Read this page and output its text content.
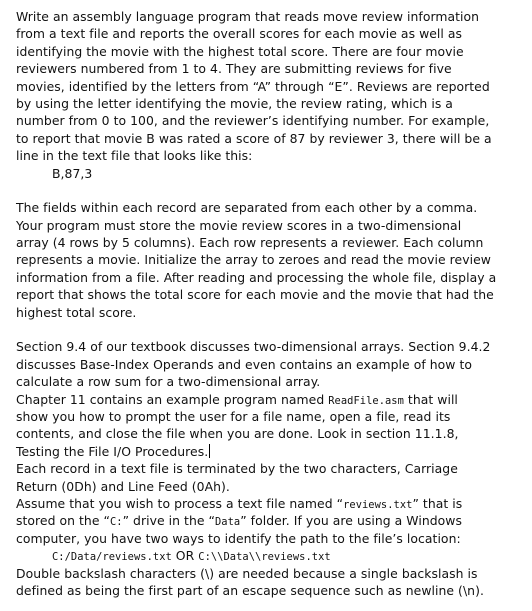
Write an assembly language program that reads move review information
from a text file and reports the overall scores for each movie as well as
identifying the movie with the highest total score. There are four movie
reviewers numbered from 1 to 4. They are submitting reviews for five
movies, identified by the letters from “A” through “E”. Reviews are reported
by using the letter identifying the movie, the review rating, which is a
number from 0 to 100, and the reviewer’s identifying number. For example,
to report that movie B was rated a score of 87 by reviewer 3, there will be a
line in the text file that looks like this:
B,87,3
The fields within each record are separated from each other by a comma.
Your program must store the movie review scores in a two-dimensional
array (4 rows by 5 columns). Each row represents a reviewer. Each column
represents a movie. Initialize the array to zeroes and read the movie review
information from a file. After reading and processing the whole file, display a
report that shows the total score for each movie and the movie that had the
highest total score.
Section 9.4 of our textbook discusses two-dimensional arrays. Section 9.4.2
discusses Base-Index Operands and even contains an example of how to
calculate a row sum for a two-dimensional array.
Chapter 11 contains an example program named ReadFile.asm that will
show you how to prompt the user for a file name, open a file, read its
contents, and close the file when you are done. Look in section 11.1.8,
Testing the File I/O Procedures.
Each record in a text file is terminated by the two characters, Carriage
Return (0Dh) and Line Feed (0Ah).
Assume that you wish to process a text file named “reviews.txt” that is
stored on the “C:” drive in the “Data” folder. If you are using a Windows
computer, you have two ways to identify the path to the file’s location:
C:/Data/reviews.txt OR C:\\Data\\reviews.txt
Double backslash characters (\) are needed because a single backslash is
defined as being the first part of an escape sequence such as newline (\n).
